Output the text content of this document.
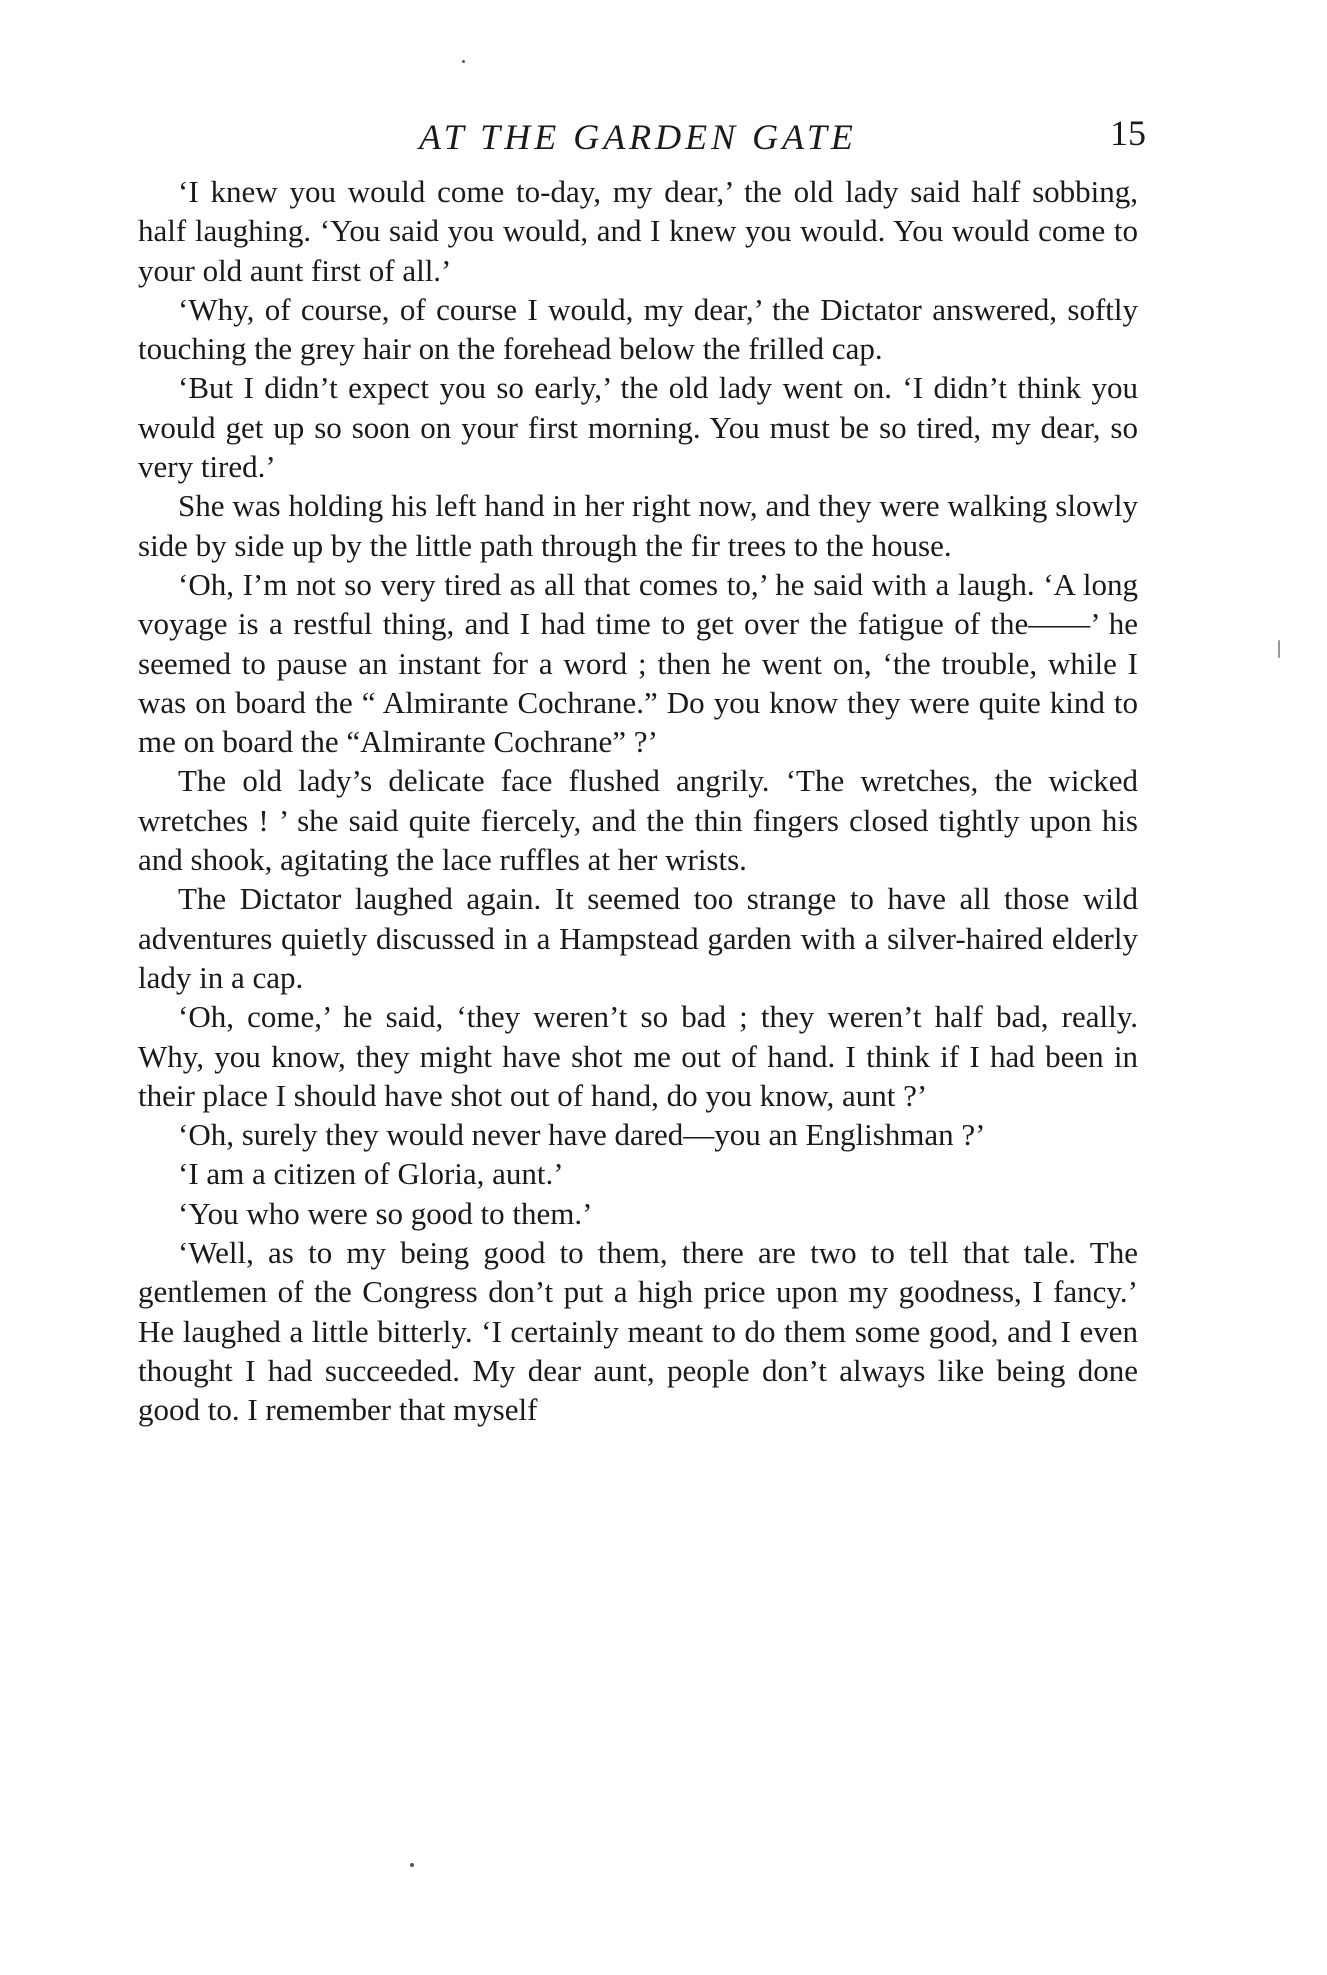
AT THE GARDEN GATE	15

‘I knew you would come to-day, my dear,’ the old lady said half sobbing, half laughing. ‘You said you would, and I knew you would. You would come to your old aunt first of all.’

‘Why, of course, of course I would, my dear,’ the Dictator answered, softly touching the grey hair on the forehead below the frilled cap.

‘But I didn’t expect you so early,’ the old lady went on. ‘I didn’t think you would get up so soon on your first morning. You must be so tired, my dear, so very tired.’

She was holding his left hand in her right now, and they were walking slowly side by side up by the little path through the fir trees to the house.

‘Oh, I’m not so very tired as all that comes to,’ he said with a laugh. ‘A long voyage is a restful thing, and I had time to get over the fatigue of the——’ he seemed to pause an instant for a word ; then he went on, ‘the trouble, while I was on board the “ Almirante Cochrane.” Do you know they were quite kind to me on board the “Almirante Cochrane” ?’

The old lady’s delicate face flushed angrily. ‘The wretches, the wicked wretches ! ’ she said quite fiercely, and the thin fingers closed tightly upon his and shook, agitating the lace ruffles at her wrists.

The Dictator laughed again. It seemed too strange to have all those wild adventures quietly discussed in a Hampstead garden with a silver-haired elderly lady in a cap.

‘Oh, come,’ he said, ‘they weren’t so bad ; they weren’t half bad, really. Why, you know, they might have shot me out of hand. I think if I had been in their place I should have shot out of hand, do you know, aunt ?’

‘Oh, surely they would never have dared—you an Englishman ?’

‘I am a citizen of Gloria, aunt.’

‘You who were so good to them.’

‘Well, as to my being good to them, there are two to tell that tale. The gentlemen of the Congress don’t put a high price upon my goodness, I fancy.’ He laughed a little bitterly. ‘I certainly meant to do them some good, and I even thought I had succeeded. My dear aunt, people don’t always like being done good to. I remember that myself
